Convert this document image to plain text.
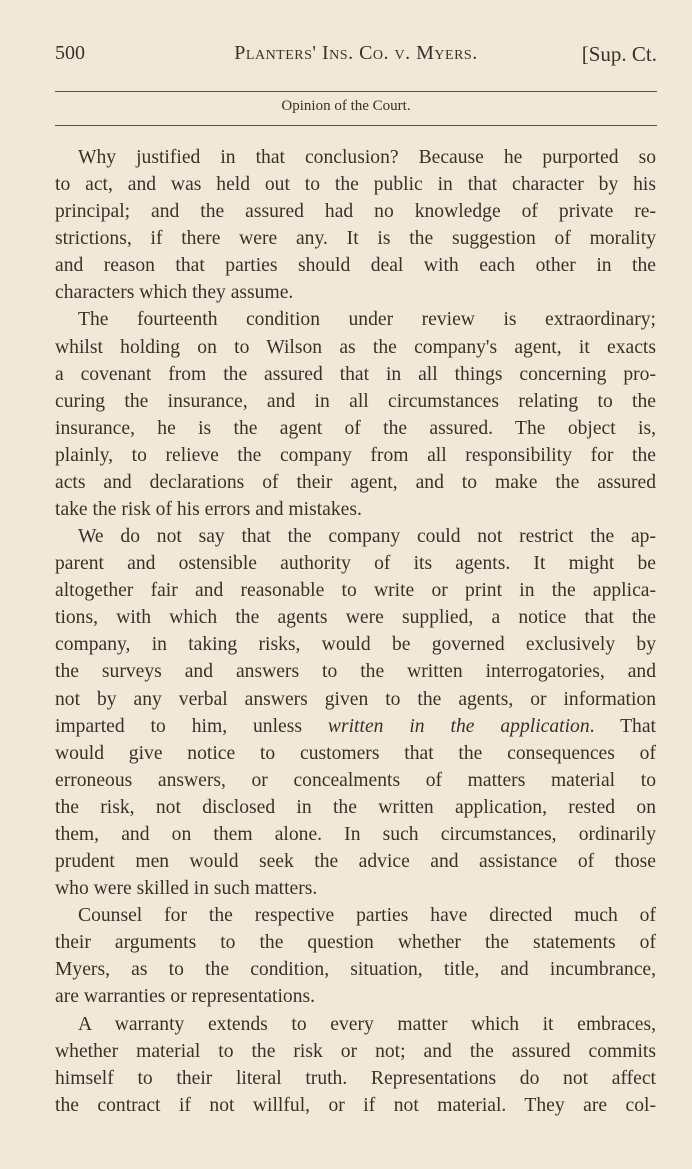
500	Planters' Ins. Co. v. Myers.	[Sup. Ct.
Opinion of the Court.
Why justified in that conclusion? Because he purported so
to act, and was held out to the public in that character by his
principal; and the assured had no knowledge of private re-
strictions, if there were any. It is the suggestion of morality
and reason that parties should deal with each other in the
characters which they assume.
The fourteenth condition under review is extraordinary;
whilst holding on to Wilson as the company's agent, it exacts
a covenant from the assured that in all things concerning pro-
curing the insurance, and in all circumstances relating to the
insurance, he is the agent of the assured. The object is,
plainly, to relieve the company from all responsibility for the
acts and declarations of their agent, and to make the assured
take the risk of his errors and mistakes.
We do not say that the company could not restrict the ap-
parent and ostensible authority of its agents. It might be
altogether fair and reasonable to write or print in the applica-
tions, with which the agents were supplied, a notice that the
company, in taking risks, would be governed exclusively by
the surveys and answers to the written interrogatories, and
not by any verbal answers given to the agents, or information
imparted to him, unless written in the application. That
would give notice to customers that the consequences of
erroneous answers, or concealments of matters material to
the risk, not disclosed in the written application, rested on
them, and on them alone. In such circumstances, ordinarily
prudent men would seek the advice and assistance of those
who were skilled in such matters.
Counsel for the respective parties have directed much of
their arguments to the question whether the statements of
Myers, as to the condition, situation, title, and incumbrance,
are warranties or representations.
A warranty extends to every matter which it embraces,
whether material to the risk or not; and the assured commits
himself to their literal truth. Representations do not affect
the contract if not willful, or if not material. They are col-
